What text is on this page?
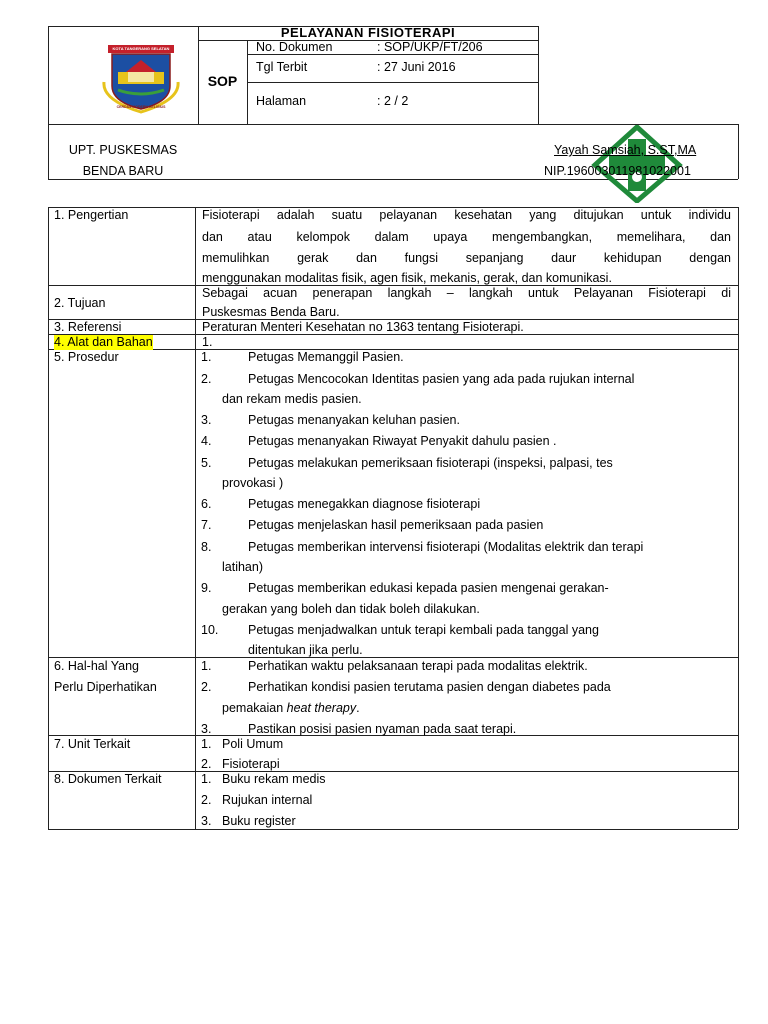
KOTA TANGERANG SELATAN
CERDAS MODERN RELIGIUS
PELAYANAN FISIOTERAPI
SOP
No. Dokumen	: SOP/UKP/FT/206
Tgl Terbit	: 27 Juni 2016
Halaman	: 2 / 2
UPT. PUSKESMAS
BENDA BARU
Yayah Samsiah, S.ST,MA
NIP.196003011981022001
1. Pengertian	Fisioterapi adalah suatu pelayanan kesehatan yang ditujukan untuk individu
dan atau kelompok dalam upaya mengembangkan, memelihara, dan
memulihkan gerak dan fungsi sepanjang daur kehidupan dengan
menggunakan modalitas fisik, agen fisik, mekanis, gerak, dan komunikasi.
2. Tujuan
Sebagai acuan penerapan langkah – langkah untuk Pelayanan Fisioterapi di
Puskesmas Benda Baru.
3. Referensi	Peraturan Menteri Kesehatan no 1363 tentang Fisioterapi.
4. Alat dan Bahan	1.
5. Prosedur	1.	Petugas Memanggil Pasien.
2.	Petugas Mencocokan Identitas pasien yang ada pada rujukan internal
dan rekam medis pasien.
3.	Petugas menanyakan keluhan pasien.
4.	Petugas menanyakan Riwayat Penyakit dahulu pasien .
5.	Petugas melakukan pemeriksaan fisioterapi (inspeksi, palpasi, tes
provokasi )
6.	Petugas menegakkan diagnose fisioterapi
7.	Petugas menjelaskan hasil pemeriksaan pada pasien
8.	Petugas memberikan intervensi fisioterapi (Modalitas elektrik dan terapi
latihan)
9.	Petugas memberikan edukasi kepada pasien mengenai gerakan-
gerakan yang boleh dan tidak boleh dilakukan.
10. Petugas menjadwalkan untuk terapi kembali pada tanggal yang
ditentukan jika perlu.
6. Hal-hal Yang
Perlu Diperhatikan
1.	Perhatikan waktu pelaksanaan terapi pada modalitas elektrik.
2.	Perhatikan kondisi pasien terutama pasien dengan diabetes pada
pemakaian heat therapy.
3.	Pastikan posisi pasien nyaman pada saat terapi.
7. Unit Terkait	1. Poli Umum
2. Fisioterapi
8. Dokumen Terkait	1. Buku rekam medis
2. Rujukan internal
3. Buku register
